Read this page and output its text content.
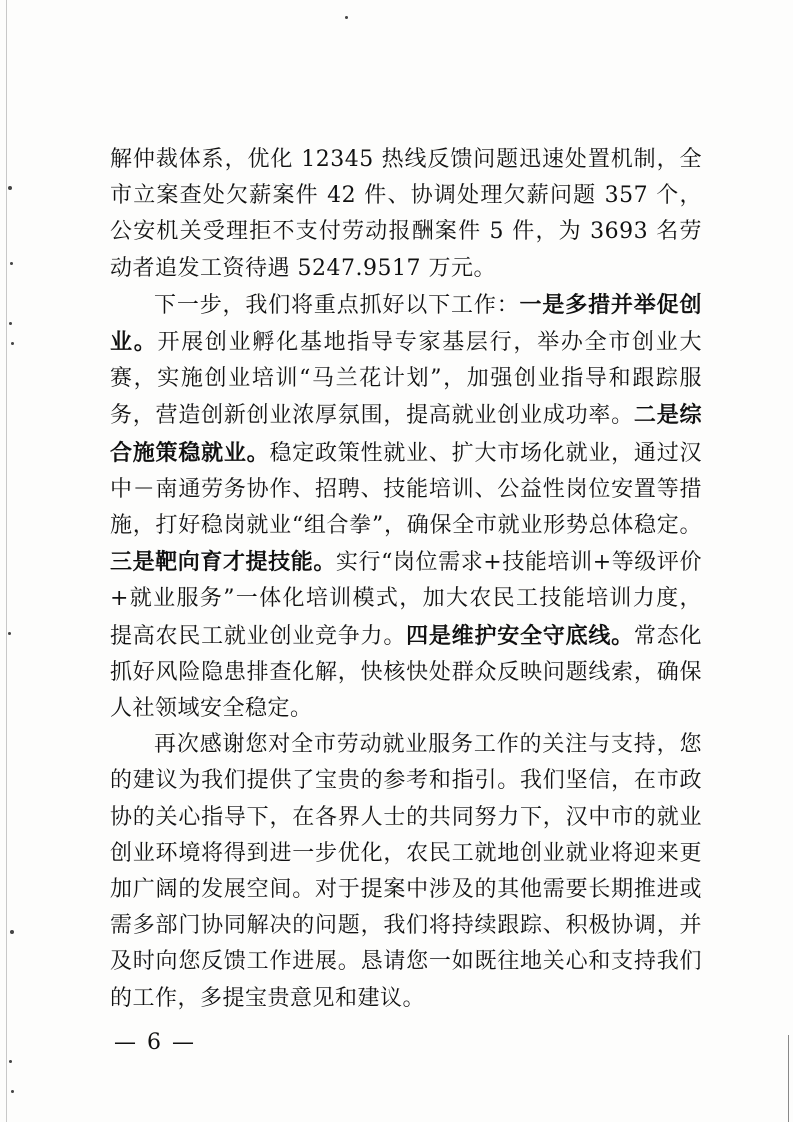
解仲裁体系，优化 12345 热线反馈问题迅速处置机制，全市立案查处欠薪案件 42 件、协调处理欠薪问题 357 个，公安机关受理拒不支付劳动报酬案件 5 件，为 3693 名劳动者追发工资待遇 5247.9517 万元。

下一步，我们将重点抓好以下工作：一是多措并举促创业。开展创业孵化基地指导专家基层行，举办全市创业大赛，实施创业培训“马兰花计划”，加强创业指导和跟踪服务，营造创新创业浓厚氛围，提高就业创业成功率。二是综合施策稳就业。稳定政策性就业、扩大市场化就业，通过汉中－南通劳务协作、招聘、技能培训、公益性岗位安置等措施，打好稳岗就业“组合拳”，确保全市就业形势总体稳定。三是靶向育才提技能。实行“岗位需求+技能培训+等级评价+就业服务”一体化培训模式，加大农民工技能培训力度，提高农民工就业创业竞争力。四是维护安全守底线。常态化抓好风险隐患排查化解，快核快处群众反映问题线索，确保人社领域安全稳定。

再次感谢您对全市劳动就业服务工作的关注与支持，您的建议为我们提供了宝贵的参考和指引。我们坚信，在市政协的关心指导下，在各界人士的共同努力下，汉中市的就业创业环境将得到进一步优化，农民工就地创业就业将迎来更加广阔的发展空间。对于提案中涉及的其他需要长期推进或需多部门协同解决的问题，我们将持续跟踪、积极协调，并及时向您反馈工作进展。恳请您一如既往地关心和支持我们的工作，多提宝贵意见和建议。

— 6 —
